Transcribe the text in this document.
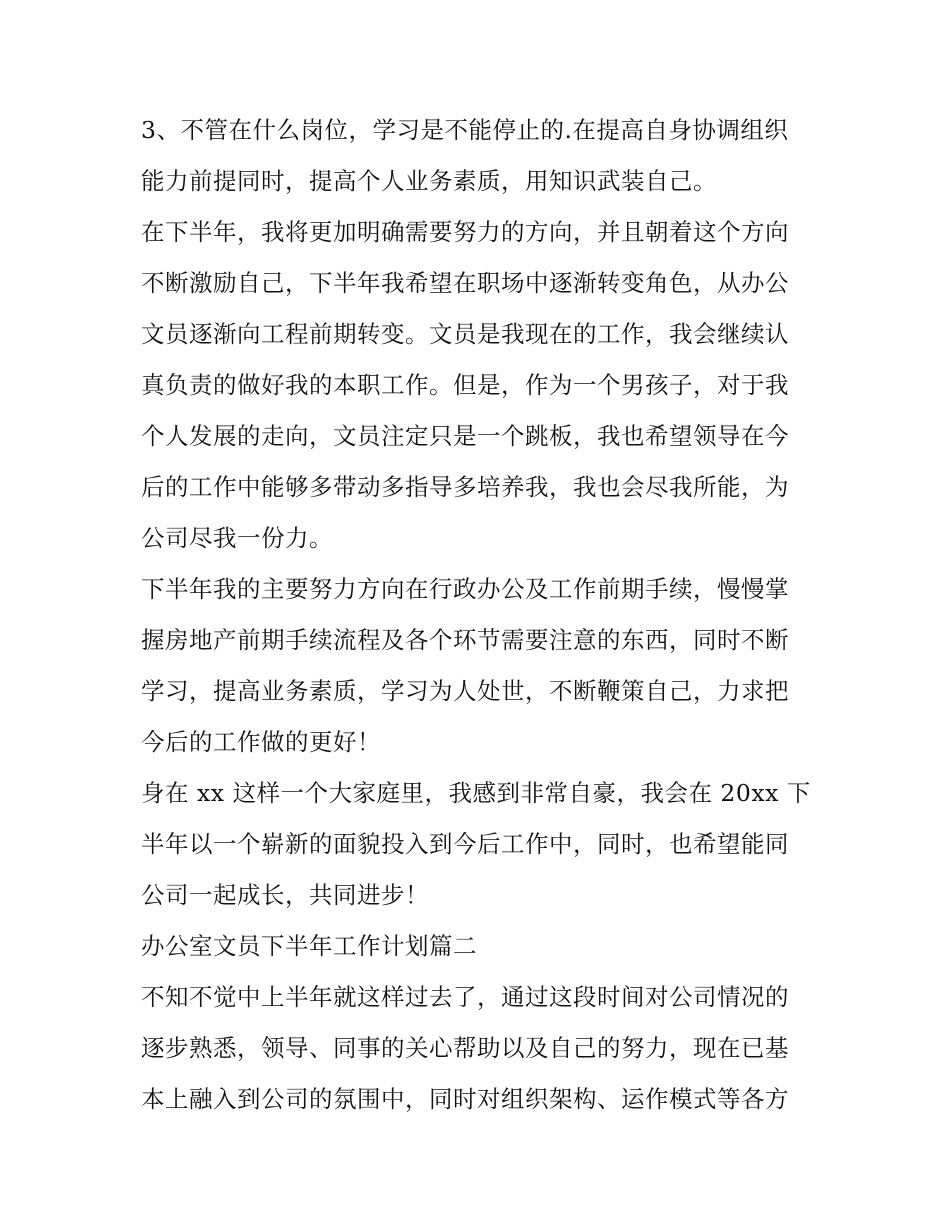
3、不管在什么岗位，学习是不能停止的.在提高自身协调组织
能力前提同时，提高个人业务素质，用知识武装自己。
在下半年，我将更加明确需要努力的方向，并且朝着这个方向
不断激励自己，下半年我希望在职场中逐渐转变角色，从办公
文员逐渐向工程前期转变。文员是我现在的工作，我会继续认
真负责的做好我的本职工作。但是，作为一个男孩子，对于我
个人发展的走向，文员注定只是一个跳板，我也希望领导在今
后的工作中能够多带动多指导多培养我，我也会尽我所能，为
公司尽我一份力。
下半年我的主要努力方向在行政办公及工作前期手续，慢慢掌
握房地产前期手续流程及各个环节需要注意的东西，同时不断
学习，提高业务素质，学习为人处世，不断鞭策自己，力求把
今后的工作做的更好！
身在 xx 这样一个大家庭里，我感到非常自豪，我会在 20xx 下
半年以一个崭新的面貌投入到今后工作中，同时，也希望能同
公司一起成长，共同进步！
办公室文员下半年工作计划篇二
不知不觉中上半年就这样过去了，通过这段时间对公司情况的
逐步熟悉，领导、同事的关心帮助以及自己的努力，现在已基
本上融入到公司的氛围中，同时对组织架构、运作模式等各方
